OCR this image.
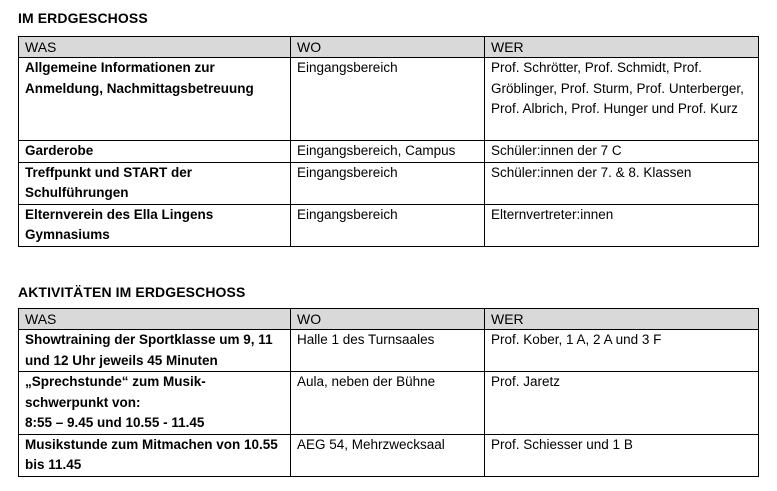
IM ERDGESCHOSS
WAS	WO	WER
Allgemeine Informationen zur Anmeldung, Nachmittagsbetreuung	Eingangsbereich	Prof. Schrötter, Prof. Schmidt, Prof. Gröblinger, Prof. Sturm, Prof. Unterberger, Prof. Albrich, Prof. Hunger und Prof. Kurz
Garderobe	Eingangsbereich, Campus	Schüler:innen der 7 C
Treffpunkt und START der Schulführungen	Eingangsbereich	Schüler:innen der 7. & 8. Klassen
Elternverein des Ella Lingens Gymnasiums	Eingangsbereich	Elternvertreter:innen
AKTIVITÄTEN IM ERDGESCHOSS
WAS	WO	WER
Showtraining der Sportklasse um 9, 11 und 12 Uhr jeweils 45 Minuten	Halle 1 des Turnsaales	Prof. Kober, 1 A, 2 A und 3 F

„Sprechstunde“ zum Musik-schwerpunkt von:
8:55 – 9.45 und 10.55 - 11.45	Aula, neben der Bühne	Prof. Jaretz
Musikstunde zum Mitmachen von 10.55 bis 11.45	AEG 54, Mehrzwecksaal	Prof. Schiesser und 1 B
